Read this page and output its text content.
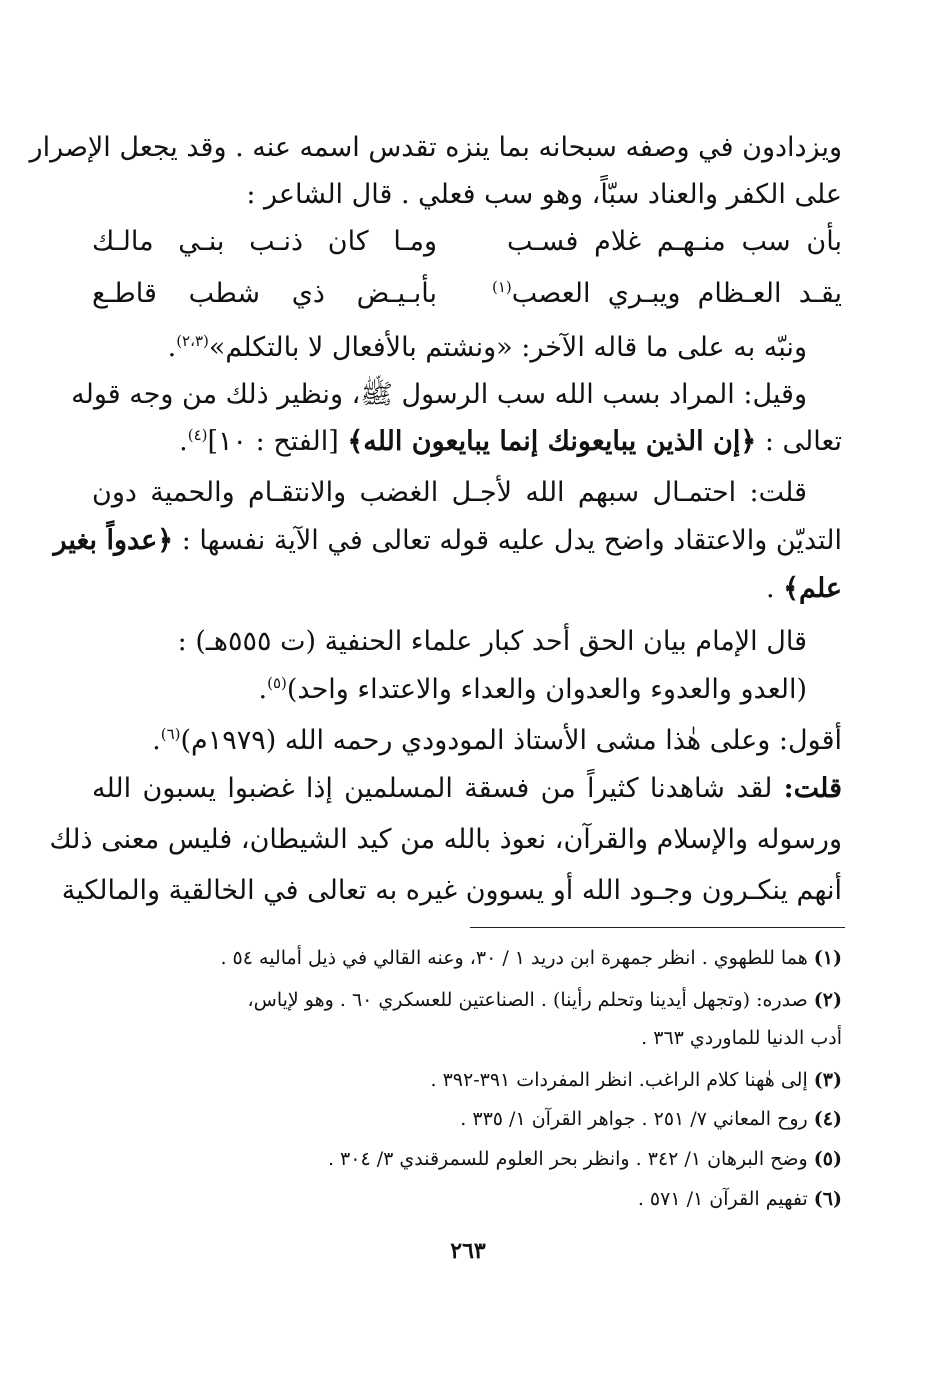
ويزدادون في وصفه سبحانه بما ينزه تقدس اسمه عنه . وقد يجعل الإصرار
على الكفر والعناد سبّاً، وهو سب فعلي . قال الشاعر :
ومـا كان ذنـب بنـي مالـك	بأن سب منـهـم غلام فسـب
بأبـيـض ذي شطب قاطـع	يقـد العـظام ويبـري العصب$^{(١)}$
ونبّه به على ما قاله الآخر: «ونشتم بالأفعال لا بالتكلم»$^{(٢،٣)}$.
وقيل: المراد بسب الله سب الرسول ﷺ، ونظير ذلك من وجه قوله
تعالى : ﴿إن الذين يبايعونك إنما يبايعون الله﴾ [الفتح : ١٠]$^{(٤)}$.
قلت: احتمـال سبهم الله لأجـل الغضب والانتقـام والحمية دون
التديّن والاعتقاد واضح يدل عليه قوله تعالى في الآية نفسها : ﴿عدواً بغير
علم﴾ .
قال الإمام بيان الحق أحد كبار علماء الحنفية (ت ٥٥٥هـ) :
(العدو والعدوء والعدوان والعداء والاعتداء واحد)$^{(٥)}$.
أقول: وعلى هٰذا مشى الأستاذ المودودي رحمه الله (١٩٧٩م)$^{(٦)}$.
قلت: لقد شاهدنا كثيراً من فسقة المسلمين إذا غضبوا يسبون الله
ورسوله والإسلام والقرآن، نعوذ بالله من كيد الشيطان، فليس معنى ذلك
أنهم ينكـرون وجـود الله أو يسوون غيره به تعالى في الخالقية والمالكية
(١) هما للطهوي . انظر جمهرة ابن دريد ١ / ٣٠، وعنه القالي في ذيل أماليه ٥٤ .
(٢) صدره: (وتجهل أيدينا وتحلم رأينا) . الصناعتين للعسكري ٦٠ . وهو لإياس،
أدب الدنيا للماوردي ٣٦٣ .
(٣) إلى هٰهنا كلام الراغب. انظر المفردات ٣٩١-٣٩٢ .
(٤) روح المعاني ٧/ ٢٥١ . جواهر القرآن ١/ ٣٣٥ .
(٥) وضح البرهان ١/ ٣٤٢ . وانظر بحر العلوم للسمرقندي ٣/ ٣٠٤ .
(٦) تفهيم القرآن ١/ ٥٧١ .
٢٦٣
